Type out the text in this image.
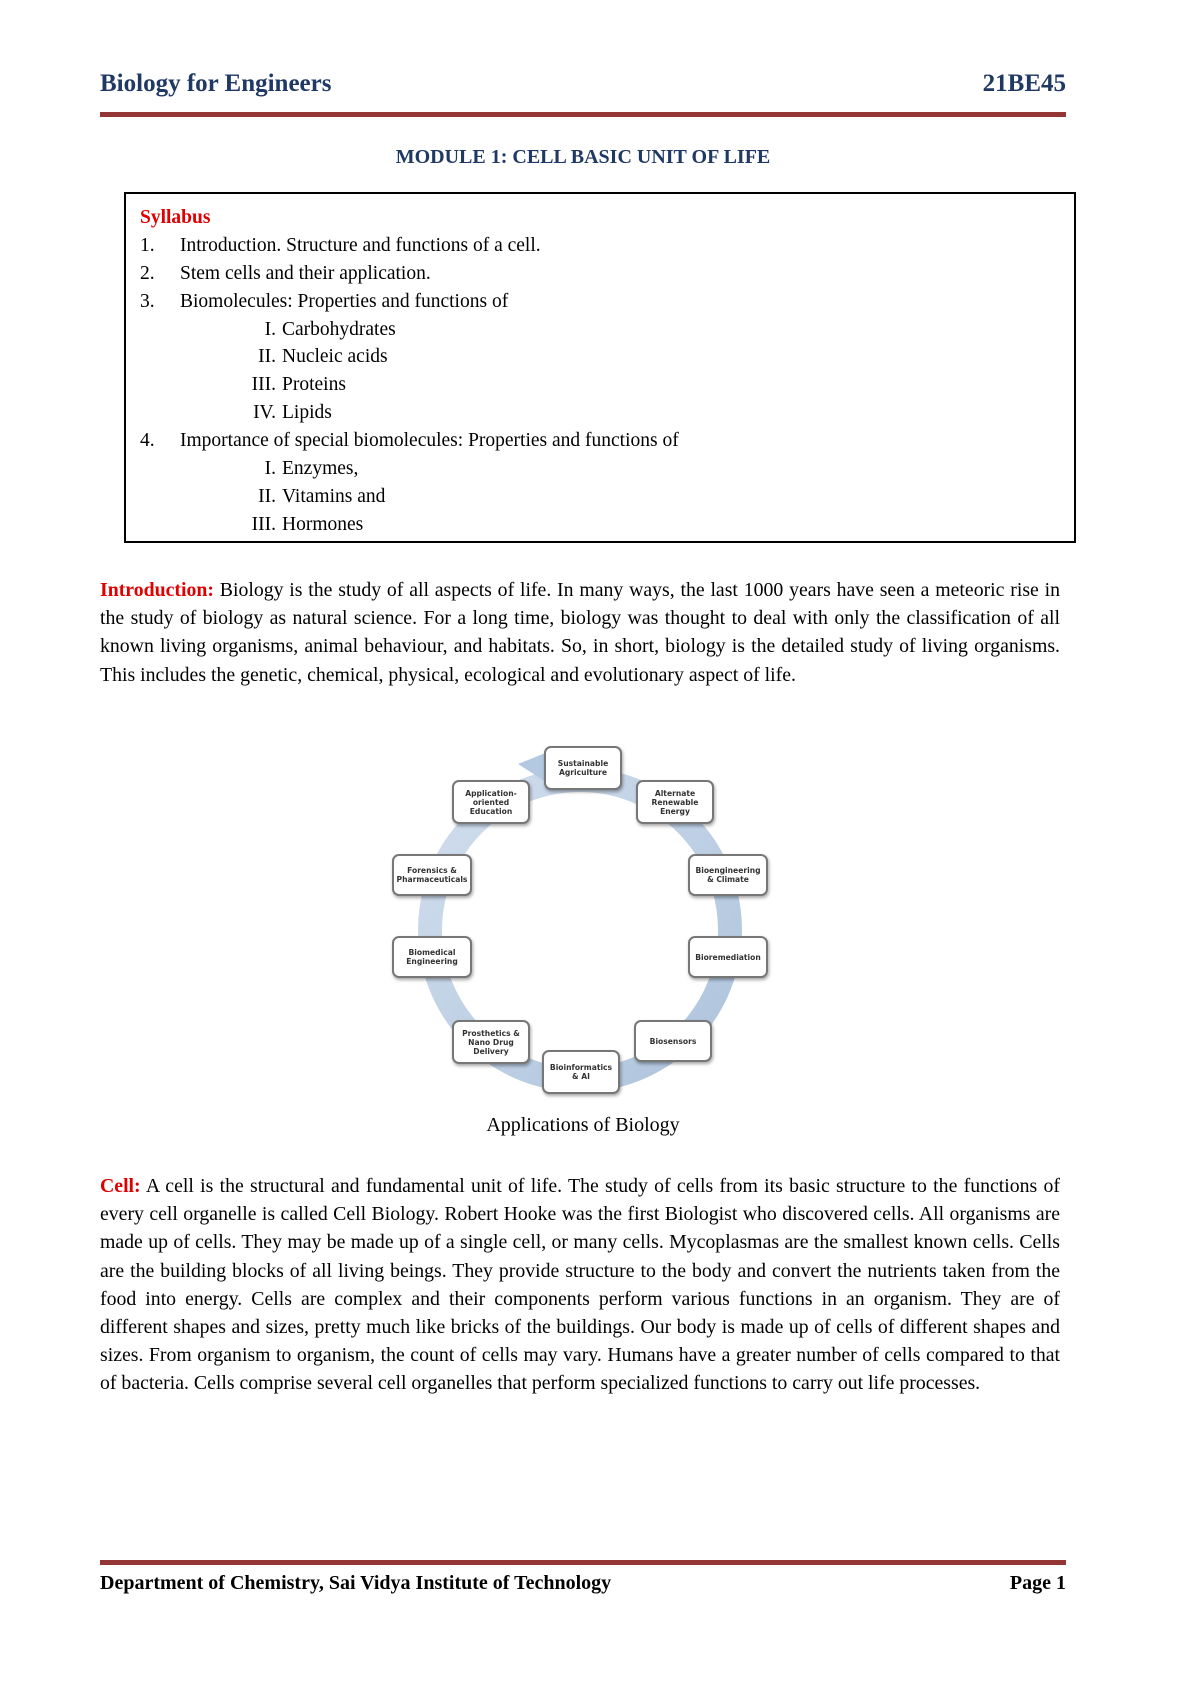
Biology for Engineers	21BE45
MODULE 1: CELL BASIC UNIT OF LIFE
Syllabus
1.	Introduction. Structure and functions of a cell.
2.	Stem cells and their application.
3.	Biomolecules: Properties and functions of
I. Carbohydrates
II. Nucleic acids
III. Proteins
IV. Lipids
4.	Importance of special biomolecules: Properties and functions of
I. Enzymes,
II. Vitamins and
III. Hormones

Introduction: Biology is the study of all aspects of life. In many ways, the last 1000 years have seen a meteoric rise in the study of biology as natural science. For a long time, biology was thought to deal with only the classification of all known living organisms, animal behaviour, and habitats. So, in short, biology is the detailed study of living organisms. This includes the genetic, chemical, physical, ecological and evolutionary aspect of life.

Sustainable Agriculture
Alternate Renewable Energy
Bioengineering & Climate
Bioremediation
Biosensors
Bioinformatics & AI
Prosthetics & Nano Drug Delivery
Biomedical Engineering
Forensics & Pharmaceuticals
Application-oriented Education
Applications of Biology

Cell: A cell is the structural and fundamental unit of life. The study of cells from its basic structure to the functions of every cell organelle is called Cell Biology. Robert Hooke was the first Biologist who discovered cells. All organisms are made up of cells. They may be made up of a single cell, or many cells. Mycoplasmas are the smallest known cells. Cells are the building blocks of all living beings. They provide structure to the body and convert the nutrients taken from the food into energy. Cells are complex and their components perform various functions in an organism. They are of different shapes and sizes, pretty much like bricks of the buildings. Our body is made up of cells of different shapes and sizes. From organism to organism, the count of cells may vary. Humans have a greater number of cells compared to that of bacteria. Cells comprise several cell organelles that perform specialized functions to carry out life processes.

Department of Chemistry, Sai Vidya Institute of Technology	Page 1
